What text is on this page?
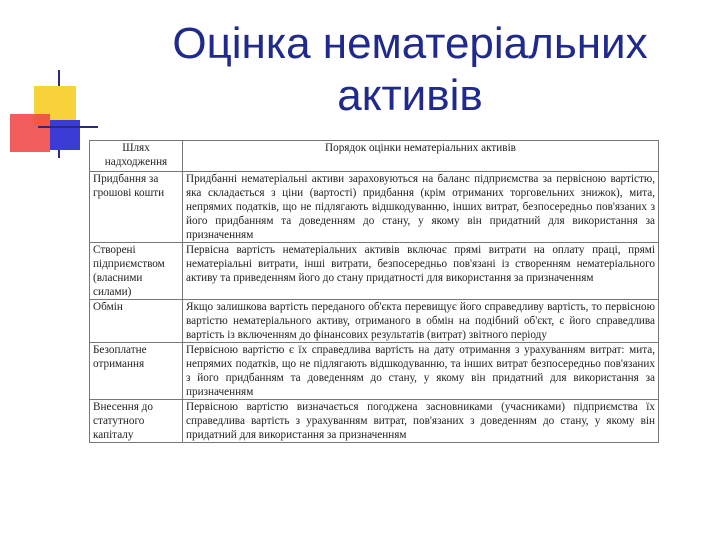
Оцінка нематеріальних активів
Шлях надходження	Порядок оцінки нематеріальних активів
Придбання за грошові кошти	Придбанні нематеріальні активи зараховуються на баланс підприємства за первісною вартістю, яка складається з ціни (вартості) придбання (крім отриманих торговельних знижок), мита, непрямих податків, що не підлягають відшкодуванню, інших витрат, безпосередньо пов'язаних з його придбанням та доведенням до стану, у якому він придатний для використання за призначенням
Створені підприємством (власними силами)	Первісна вартість нематеріальних активів включає прямі витрати на оплату праці, прямі нематеріальні витрати, інші витрати, безпосередньо пов'язані із створенням нематеріального активу та приведенням його до стану придатності для використання за призначенням
Обмін	Якщо залишкова вартість переданого об'єкта перевищує його справедливу вартість, то первісною вартістю нематеріального активу, отриманого в обмін на подібний об'єкт, є його справедлива вартість із включенням до фінансових результатів (витрат) звітного періоду
Безоплатне отримання	Первісною вартістю є їх справедлива вартість на дату отримання з урахуванням витрат: мита, непрямих податків, що не підлягають відшкодуванню, та інших витрат безпосередньо пов'язаних з його придбанням та доведенням до стану, у якому він придатний для використання за призначенням
Внесення до статутного капіталу	Первісною вартістю визначається погоджена засновниками (учасниками) підприємства їх справедлива вартість з урахуванням витрат, пов'язаних з доведенням до стану, у якому він придатний для використання за призначенням
